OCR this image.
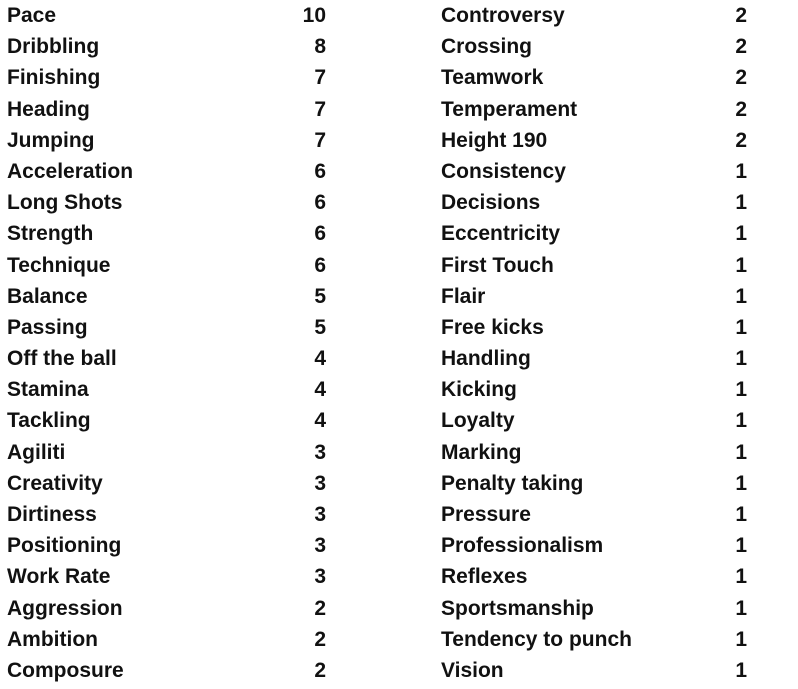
Pace	10
Dribbling	8
Finishing	7
Heading	7
Jumping	7
Acceleration	6
Long Shots	6
Strength	6
Technique	6
Balance	5
Passing	5
Off the ball	4
Stamina	4
Tackling	4
Agiliti	3
Creativity	3
Dirtiness	3
Positioning	3
Work Rate	3
Aggression	2
Ambition	2
Composure	2
Controversy	2
Crossing	2
Teamwork	2
Temperament	2
Height 190	2
Consistency	1
Decisions	1
Eccentricity	1
First Touch	1
Flair	1
Free kicks	1
Handling	1
Kicking	1
Loyalty	1
Marking	1
Penalty taking	1
Pressure	1
Professionalism	1
Reflexes	1
Sportsmanship	1
Tendency to punch	1
Vision	1
